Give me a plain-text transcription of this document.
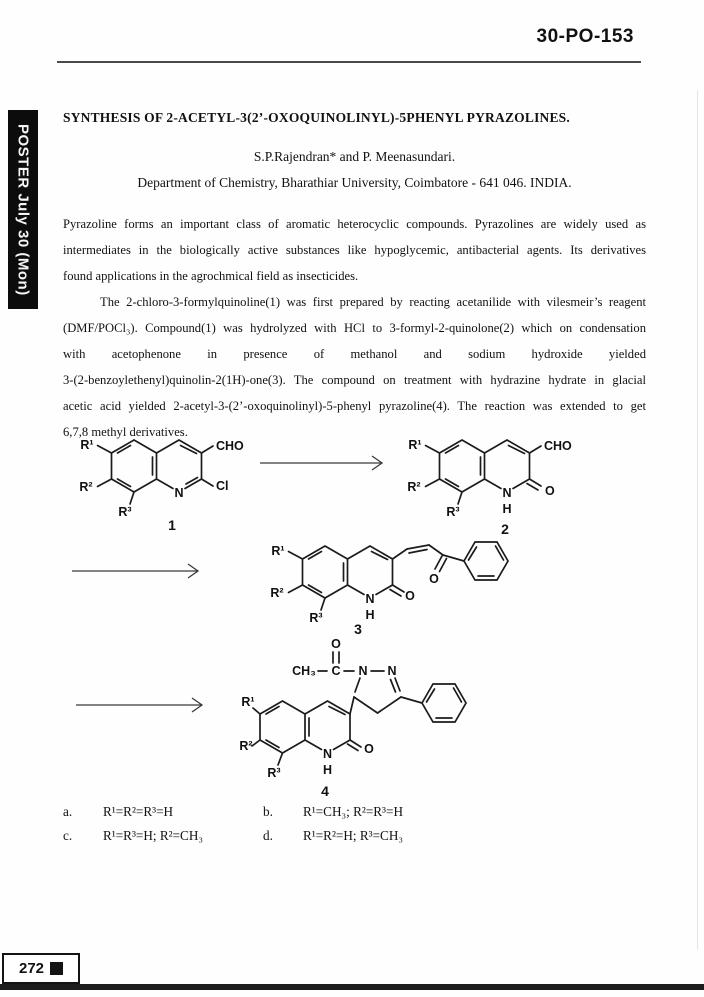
30-PO-153
POSTER July 30 (Mon)
SYNTHESIS OF 2-ACETYL-3(2’-OXOQUINOLINYL)-5PHENYL PYRAZOLINES.
S.P.Rajendran* and P. Meenasundari.
Department of Chemistry, Bharathiar University, Coimbatore - 641 046. INDIA.
Pyrazoline forms an important class of aromatic heterocyclic compounds. Pyrazolines are widely used as
intermediates in the biologically active substances like hypoglycemic, antibacterial agents. Its derivatives
found applications in the agrochmical field as insecticides.
The 2-chloro-3-formylquinoline(1) was first prepared by reacting acetanilide with vilesmeir’s reagent
(DMF/POCl₃). Compound(1) was hydrolyzed with HCl to 3-formyl-2-quinolone(2) which on condensation
with acetophenone in presence of methanol and sodium hydroxide yielded
3-(2-benzoylethenyl)quinolin-2(1H)-one(3). The compound on treatment with hydrazine hydrate in glacial
acetic acid yielded 2-acetyl-3-(2’-oxoquinolinyl)-5-phenyl pyrazoline(4). The reaction was extended to get
6,7,8 methyl derivatives.
R¹
R²
R³
N	Cl
CHO
1
R¹
R²
R³
N
H
O
CHO
2
R¹
R²
R³
N
H
O
O
3
O
CH₃ C N N
R¹
R²
R³
N
H
O
4
a.	R¹=R²=R³=H	b.	R¹=CH₃; R²=R³=H
c.	R¹=R³=H; R²=CH₃	d.	R¹=R²=H; R³=CH₃
272
